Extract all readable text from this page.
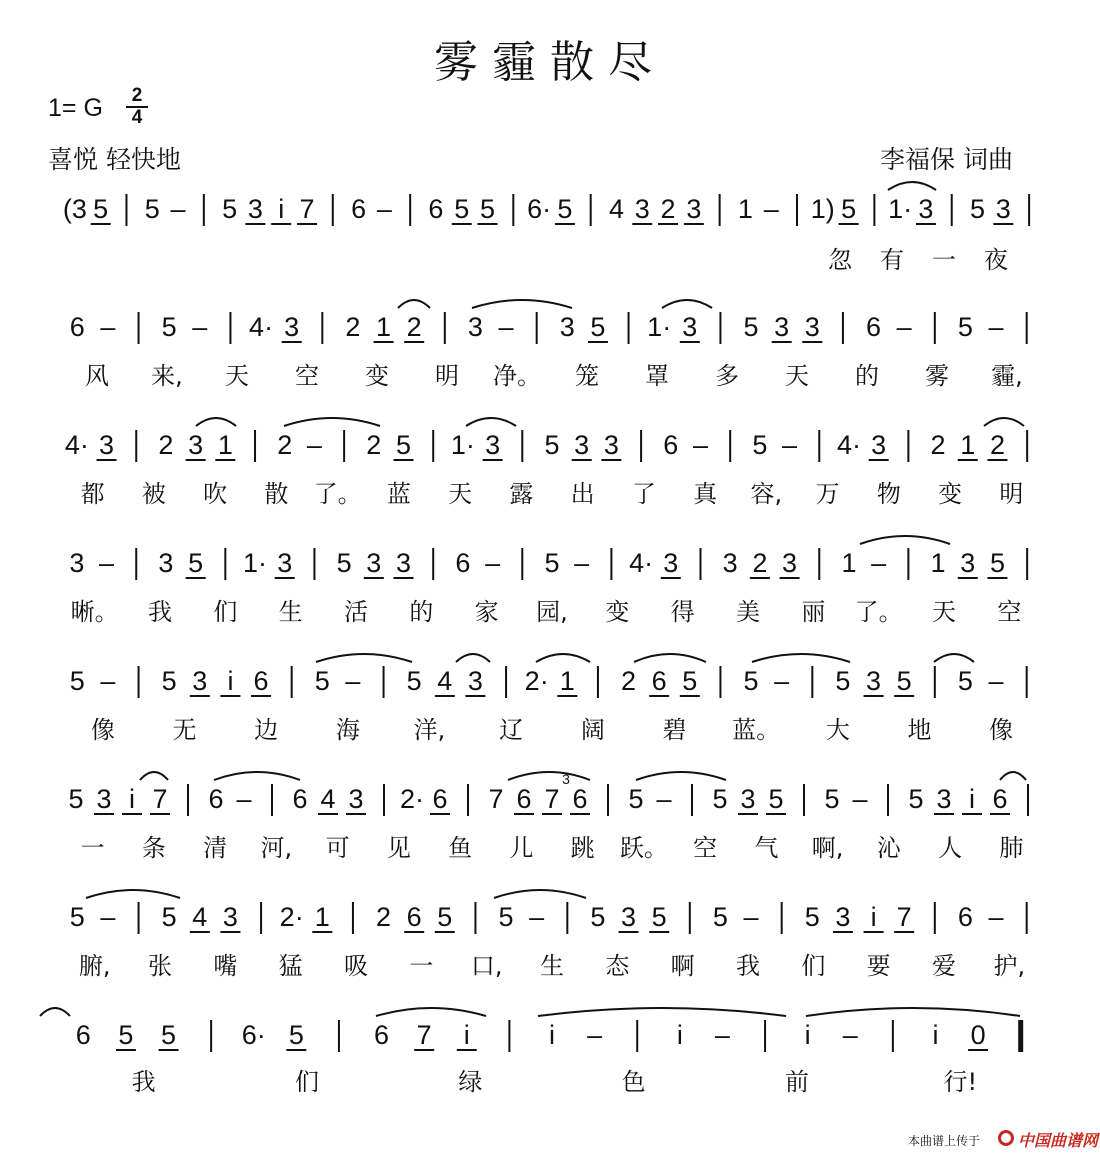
雾霾散尽
1= G $\frac{2}{4}$
喜悦 轻快地	李福保 词曲
(3 5 5 – 5 3 i 7 6 – 6 5 5 6· 5 4 3 2 3 1 – 1) 5 1· 3 5 3
忽 有 一 夜
6 – 5 – 4· 3 2 1 2 3 – 3 5 1· 3 5 3 3 6 – 5 –
风 来, 天 空 变 明 净。 笼 罩 多 天 的 雾 霾,
4· 3 2 3 1 2 – 2 5 1· 3 5 3 3 6 – 5 – 4· 3 2 1 2
都 被 吹 散 了。 蓝 天 露 出 了 真 容, 万 物 变 明
3 – 3 5 1· 3 5 3 3 6 – 5 – 4· 3 3 2 3 1 – 1 3 5
晰。 我 们 生 活 的 家 园, 变 得 美 丽 了。 天 空
5 – 5 3 i 6 5 – 5 4 3 2· 1 2 6 5 5 – 5 3 5 5 –
像 无 边 海 洋, 辽 阔 碧 蓝。 大 地 像
5 3 i 7 6 – 6 4 3 2· 6 7 6 7 6 5 – 5 3 5 5 – 5 3 i 6
一 条 清 河, 可 见 鱼 儿 跳 跃。 空 气 啊, 沁 人 肺
5 – 5 4 3 2· 1 2 6 5 5 – 5 3 5 5 – 5 3 i 7 6 –
腑, 张 嘴 猛 吸 一 口, 生 态 啊 我 们 要 爱 护,
6 5 5 6· 5	6 7 i	i –	i –	i –	i 0
我	们	绿	色	前	行!
3
本曲谱上传于 中国曲谱网
